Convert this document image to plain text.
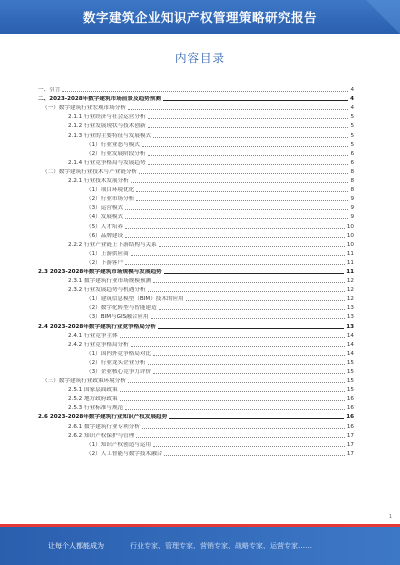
数字建筑企业知识产权管理策略研究报告
内容目录
一、引言	4
二、2023-2028年数字建筑市场前景及趋势预测	4
（一）数字建筑行业宏观市场分析	4
2.1.1 行业经济与社会运营分析	5
2.1.2 行业发展现状与技术创新	5
2.1.3 行业的主要特征与发展模式	5
（1）行业业态与模式	5
（2）行业发展阶段分析	6
2.1.4 行业竞争格局与发展趋势	6
（二）数字建筑行业技术与产业链分析	8
2.2.1 行业技术发展分析	8
（1）项目环境优化	8
（2）行业市场分析	9
（3）运营模式	9
（4）发展模式	9
（5）人才培养	10
（6）品牌建设	10
2.2.2 行业产业链上下游结构与关系	10
（1）上游供应商	11
（2）下游客户	11
2.3 2023-2028年数字建筑市场规模与发展趋势	11
2.3.1 数字建筑行业市场规模预测	12
2.3.2 行业发展趋势与机遇分析	12
（1）建筑信息模型（BIM）技术的应用	12
（2）数字化转型与智能建造	13
（3）BIM与GIS融合应用	13
2.4 2023-2028年数字建筑行业竞争格局分析	13
2.4.1 行业竞争主体	14
2.4.2 行业竞争格局分析	14
（1）国内外竞争格局对比	14
（2）行业龙头企业分析	15
（3）企业核心竞争力评价	15
（三）数字建筑行业政策环境分析	15
2.5.1 国家层面政策	15
2.5.2 地方政府政策	16
2.5.3 行业标准与规范	16
2.6 2023-2028年数字建筑行业知识产权发展趋势	16
2.6.1 数字建筑行业专利分析	16
2.6.2 知识产权保护与管理	17
（1）知识产权创造与运用	17
（2）人工智能与数字技术融合	17
1
让每个人都能成为	行业专家、管理专家、营销专家、战略专家、运营专家……
